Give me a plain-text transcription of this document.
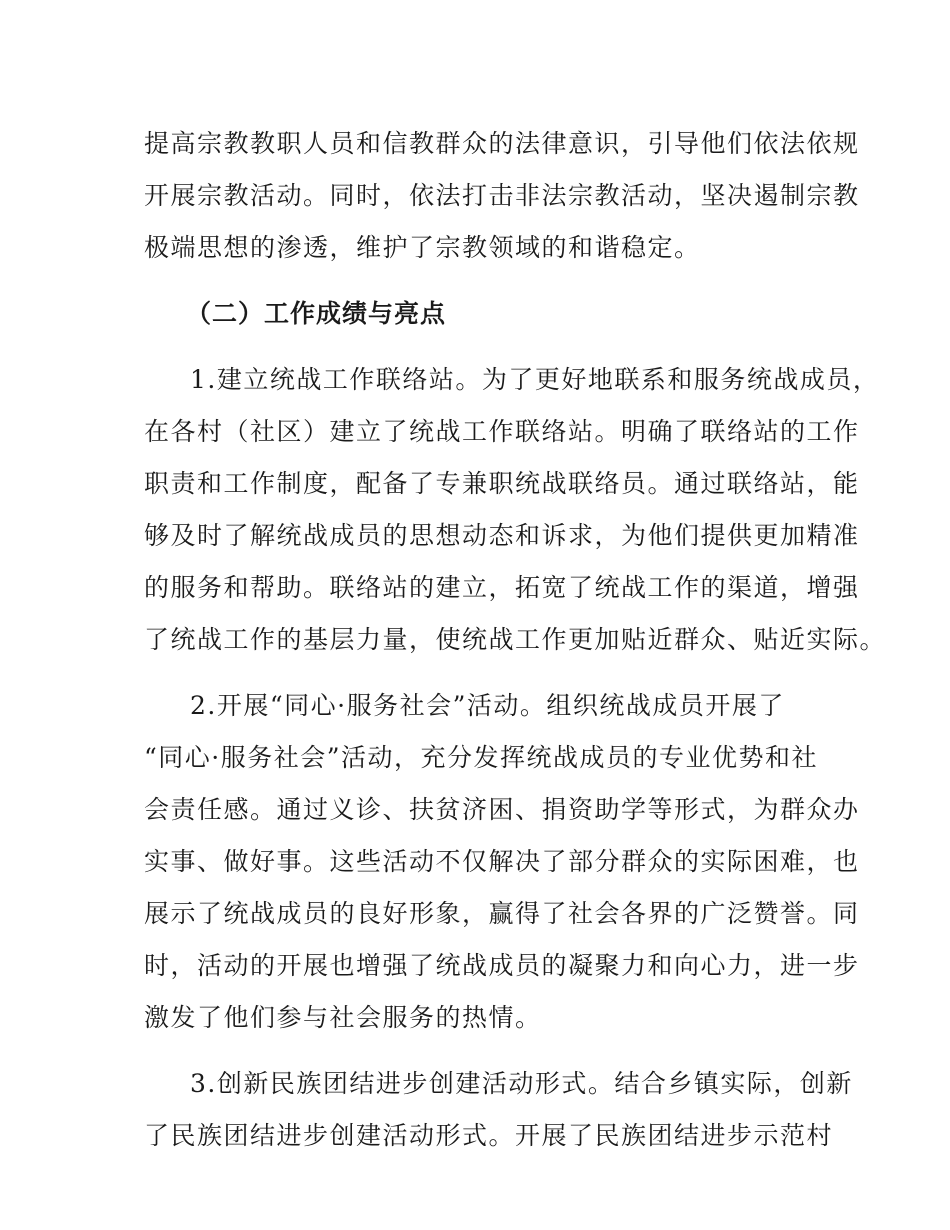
提高宗教教职人员和信教群众的法律意识，引导他们依法依规
开展宗教活动。同时，依法打击非法宗教活动，坚决遏制宗教
极端思想的渗透，维护了宗教领域的和谐稳定。
（二）工作成绩与亮点
1.建立统战工作联络站。为了更好地联系和服务统战成员，
在各村（社区）建立了统战工作联络站。明确了联络站的工作
职责和工作制度，配备了专兼职统战联络员。通过联络站，能
够及时了解统战成员的思想动态和诉求，为他们提供更加精准
的服务和帮助。联络站的建立，拓宽了统战工作的渠道，增强
了统战工作的基层力量，使统战工作更加贴近群众、贴近实际。
2.开展“同心·服务社会”活动。组织统战成员开展了
“同心·服务社会”活动，充分发挥统战成员的专业优势和社
会责任感。通过义诊、扶贫济困、捐资助学等形式，为群众办
实事、做好事。这些活动不仅解决了部分群众的实际困难，也
展示了统战成员的良好形象，赢得了社会各界的广泛赞誉。同
时，活动的开展也增强了统战成员的凝聚力和向心力，进一步
激发了他们参与社会服务的热情。
3.创新民族团结进步创建活动形式。结合乡镇实际，创新
了民族团结进步创建活动形式。开展了民族团结进步示范村
